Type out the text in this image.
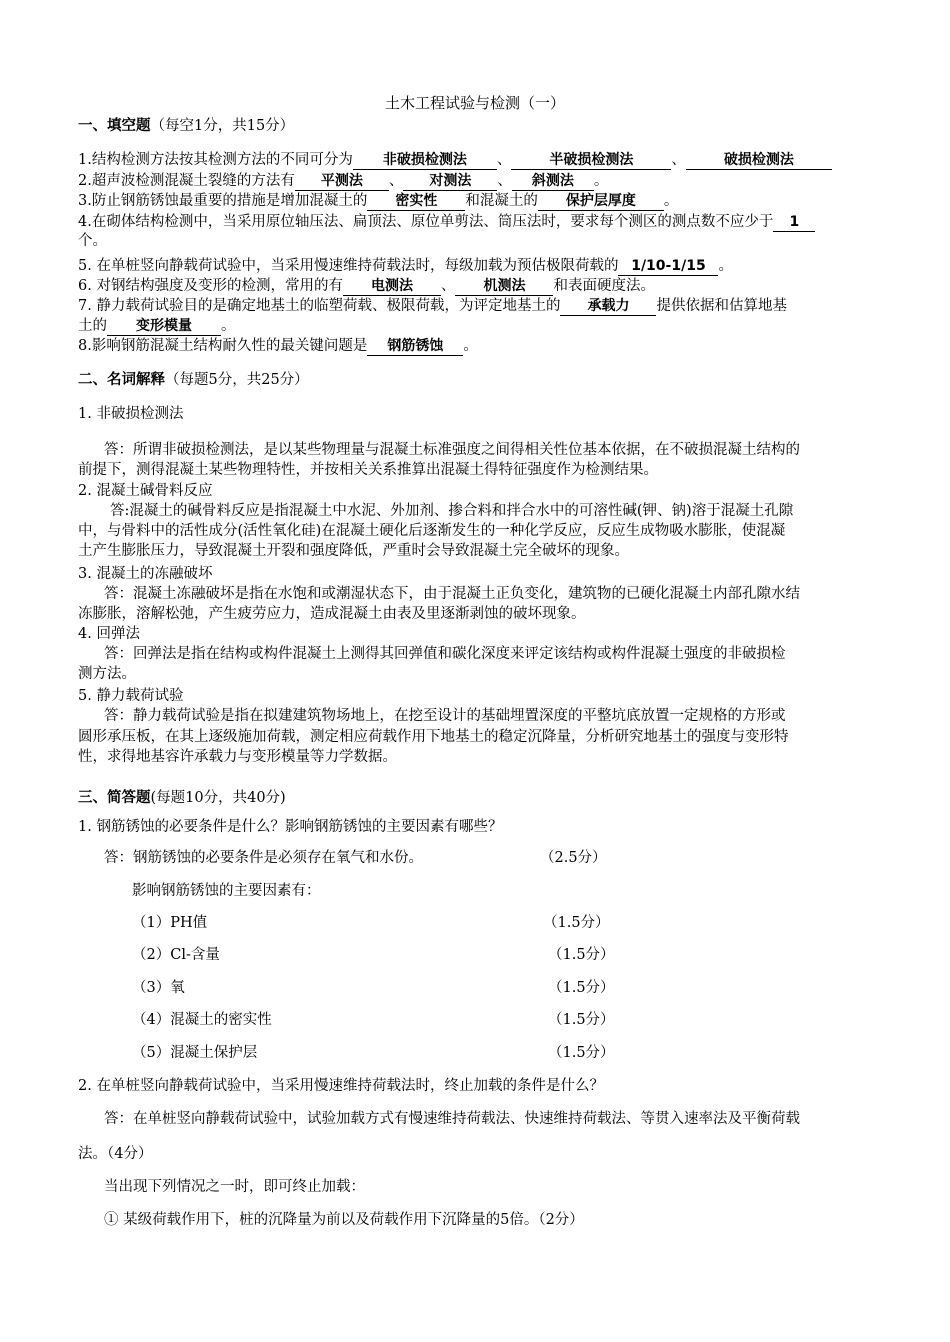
土木工程试验与检测（一）
一、填空题（每空1分，共15分）
1.结构检测方法按其检测方法的不同可分为 非破损检测法 、	半破损检测法	、	破损检测法
2.超声波检测混凝土裂缝的方法有 平测法 、 对测法 、 斜测法 。
3.防止钢筋锈蚀最重要的措施是增加混凝土的 密实性 和混凝土的 保护层厚度 。
4.在砌体结构检测中，当采用原位轴压法、扁顶法、原位单剪法、筒压法时，要求每个测区的测点数不应少于 1
个。
5. 在单桩竖向静载荷试验中，当采用慢速维持荷载法时，每级加载为预估极限荷载的 1/10-1/15 。
6. 对钢结构强度及变形的检测，常用的有 电测法 、 机测法 和表面硬度法。
7. 静力载荷试验目的是确定地基土的临塑荷载、极限荷载，为评定地基土的 承载力 提供依据和估算地基
土的 变形模量 。
8.影响钢筋混凝土结构耐久性的最关键问题是 钢筋锈蚀 。
二、名词解释（每题5分，共25分）
1. 非破损检测法
答：所谓非破损检测法，是以某些物理量与混凝土标准强度之间得相关性位基本依据，在不破损混凝土结构的
前提下，测得混凝土某些物理特性，并按相关关系推算出混凝土得特征强度作为检测结果。
2. 混凝土碱骨料反应
答:混凝土的碱骨料反应是指混凝土中水泥、外加剂、掺合料和拌合水中的可溶性碱(钾、钠)溶于混凝土孔隙
中，与骨料中的活性成分(活性氧化硅)在混凝土硬化后逐渐发生的一种化学反应，反应生成物吸水膨胀，使混凝
土产生膨胀压力，导致混凝土开裂和强度降低，严重时会导致混凝土完全破坏的现象。
3. 混凝土的冻融破坏
答：混凝土冻融破坏是指在水饱和或潮湿状态下，由于混凝土正负变化，建筑物的已硬化混凝土内部孔隙水结
冻膨胀，溶解松弛，产生疲劳应力，造成混凝土由表及里逐渐剥蚀的破坏现象。
4. 回弹法
答：回弹法是指在结构或构件混凝土上测得其回弹值和碳化深度来评定该结构或构件混凝土强度的非破损检
测方法。
5. 静力载荷试验
答：静力载荷试验是指在拟建建筑物场地上，在挖至设计的基础埋置深度的平整坑底放置一定规格的方形或
圆形承压板，在其上逐级施加荷载，测定相应荷载作用下地基土的稳定沉降量，分析研究地基土的强度与变形特
性，求得地基容许承载力与变形模量等力学数据。
三、简答题(每题10分，共40分)
1. 钢筋锈蚀的必要条件是什么？影响钢筋锈蚀的主要因素有哪些？
答：钢筋锈蚀的必要条件是必须存在氧气和水份。	（2.5分）
影响钢筋锈蚀的主要因素有：
（1）PH值	（1.5分）
（2）Cl-含量	（1.5分）
（3）氧	（1.5分）
（4）混凝土的密实性	（1.5分）
（5）混凝土保护层	（1.5分）
2. 在单桩竖向静载荷试验中，当采用慢速维持荷载法时，终止加载的条件是什么？
答：在单桩竖向静载荷试验中，试验加载方式有慢速维持荷载法、快速维持荷载法、等贯入速率法及平衡荷载
法。（4分）
当出现下列情况之一时，即可终止加载：
① 某级荷载作用下，桩的沉降量为前以及荷载作用下沉降量的5倍。（2分）
